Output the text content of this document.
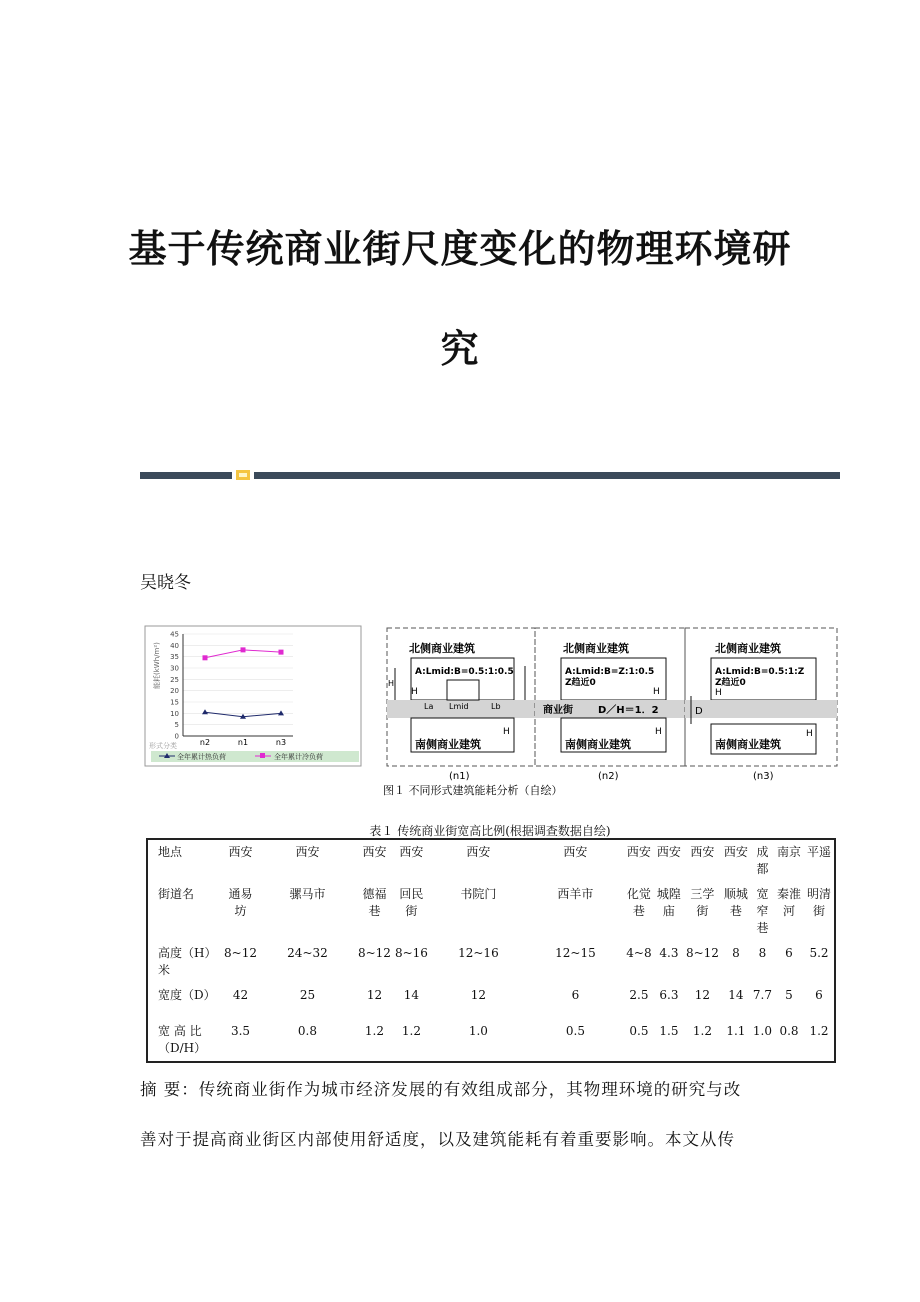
基于传统商业街尺度变化的物理环境研
究
吴晓冬
0
5
10
15
20
25
30
35
40
45
能耗(kWh/m²)
形式分类	n2	n1	n3
全年累计热负荷	全年累计冷负荷
北侧商业建筑
A:Lmid:B=0.5:1:0.5
H
H
La Lmid	Lb
H
南侧商业建筑
(n1)
北侧商业建筑
A:Lmid:B=Z:1:0.5
Z趋近0
H
商业街	D／H＝1．2
H
南侧商业建筑
(n2)
北侧商业建筑
A:Lmid:B=0.5:1:Z
Z趋近0
H
D
H
南侧商业建筑
(n3)
图１ 不同形式建筑能耗分析（自绘）
表１ 传统商业街宽高比例(根据调查数据自绘)
地点	西安	西安	西安	西安	西安	西安	西安	西安	西安	西安	成都	南京	平遥
街道名	通易坊	骡马市	德福巷	回民街	书院门	西羊市	化觉巷	城隍庙	三学街	顺城巷	宽窄巷	秦淮河	明清街
高度（H）米	8~12	24~32	8~12	8~16	12~16	12~15	4~8	4.3	8~12	8	8	6	5.2
宽度（D）	42	25	12	14	12	6	2.5	6.3	12	14	7.7	5	6
宽 高 比（D/H）	3.5	0.8	1.2	1.2	1.0	0.5	0.5	1.5	1.2	1.1	1.0	0.8	1.2
摘 要：传统商业街作为城市经济发展的有效组成部分，其物理环境的研究与改
善对于提高商业街区内部使用舒适度，以及建筑能耗有着重要影响。本文从传
